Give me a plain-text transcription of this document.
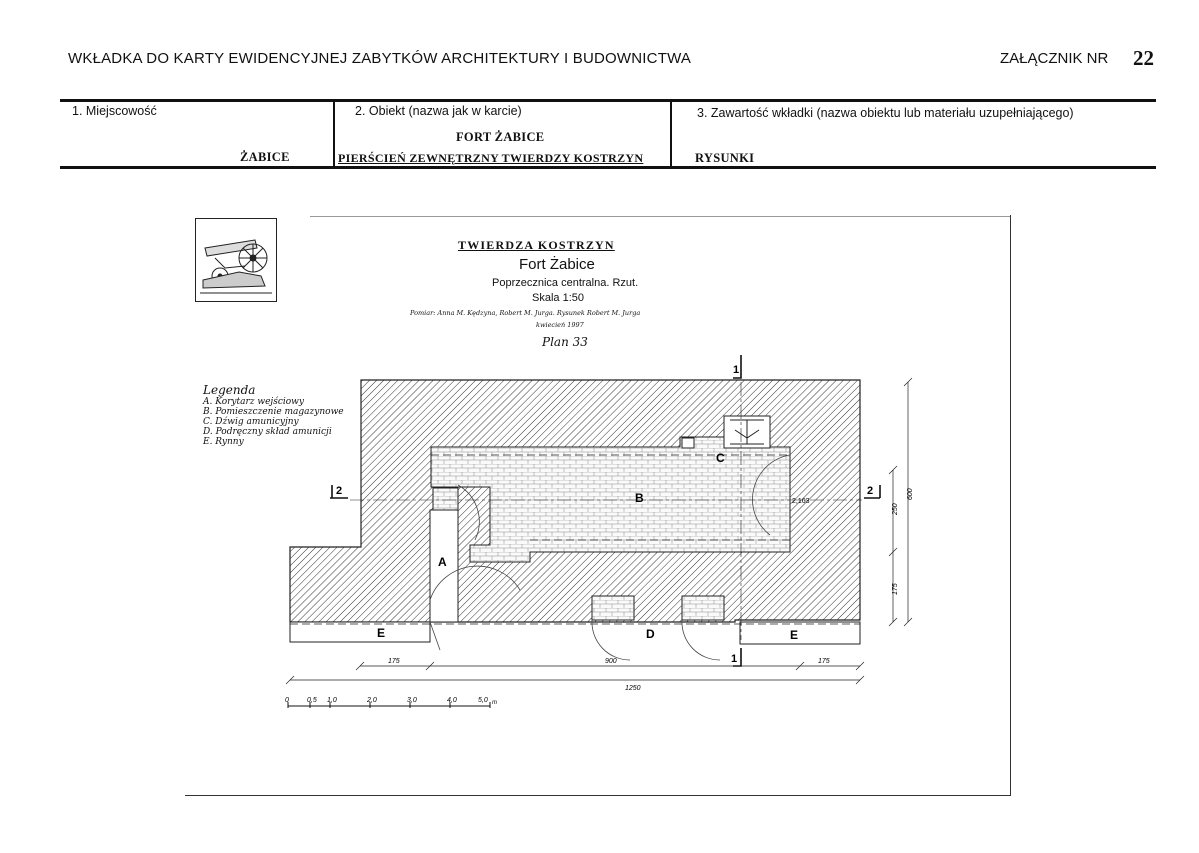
WKŁADKA DO KARTY EWIDENCYJNEJ ZABYTKÓW ARCHITEKTURY I BUDOWNICTWA	ZAŁĄCZNIK NR 22
1. Miejscowość
ŻABICE
2. Obiekt (nazwa jak w karcie)
FORT ŻABICE
PIERŚCIEŃ ZEWNĘTRZNY TWIERDZY KOSTRZYN
3. Zawartość wkładki (nazwa obiektu lub materiału uzupełniającego)
RYSUNKI
TWIERDZA KOSTRZYN
Fort Żabice
Poprzecznica centralna. Rzut.
Skala 1:50
Pomiar: Anna M. Kędzyna, Robert M. Jurga. Rysunek Robert M. Jurga
kwiecień 1997
Plan 33
Legenda
A. Korytarz wejściowy
B. Pomieszczenie magazynowe
C. Dźwig amunicyjny
D. Podręczny skład amunicji
E. Rynny
A
B
C
D
E	E
2,163
1
1
2	2
175	900	175
1250
600
250
175
0	0,5 1,0	2,0	3,0	4,0	5,0 m
